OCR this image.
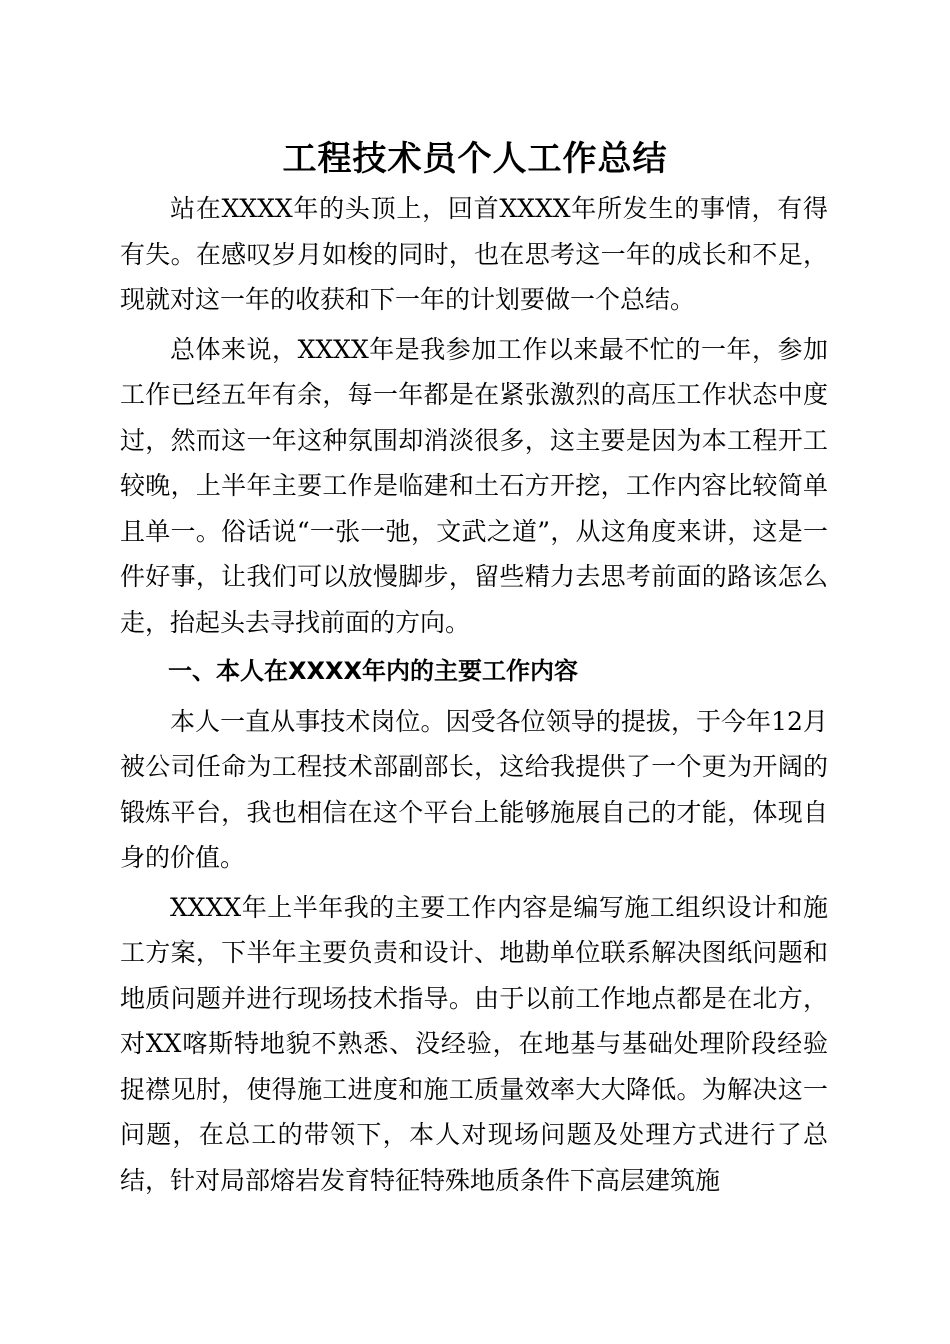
工程技术员个人工作总结

站在XXXX年的头顶上，回首XXXX年所发生的事情，有得有失。在感叹岁月如梭的同时，也在思考这一年的成长和不足，现就对这一年的收获和下一年的计划要做一个总结。

总体来说，XXXX年是我参加工作以来最不忙的一年，参加工作已经五年有余，每一年都是在紧张激烈的高压工作状态中度过，然而这一年这种氛围却消淡很多，这主要是因为本工程开工较晚，上半年主要工作是临建和土石方开挖，工作内容比较简单且单一。俗话说“一张一弛，文武之道”，从这角度来讲，这是一件好事，让我们可以放慢脚步，留些精力去思考前面的路该怎么走，抬起头去寻找前面的方向。

一、本人在XXXX年内的主要工作内容

本人一直从事技术岗位。因受各位领导的提拔，于今年12月被公司任命为工程技术部副部长，这给我提供了一个更为开阔的锻炼平台，我也相信在这个平台上能够施展自己的才能，体现自身的价值。

XXXX年上半年我的主要工作内容是编写施工组织设计和施工方案，下半年主要负责和设计、地勘单位联系解决图纸问题和地质问题并进行现场技术指导。由于以前工作地点都是在北方，对XX喀斯特地貌不熟悉、没经验，在地基与基础处理阶段经验捉襟见肘，使得施工进度和施工质量效率大大降低。为解决这一问题，在总工的带领下，本人对现场问题及处理方式进行了总结，针对局部熔岩发育特征特殊地质条件下高层建筑施
